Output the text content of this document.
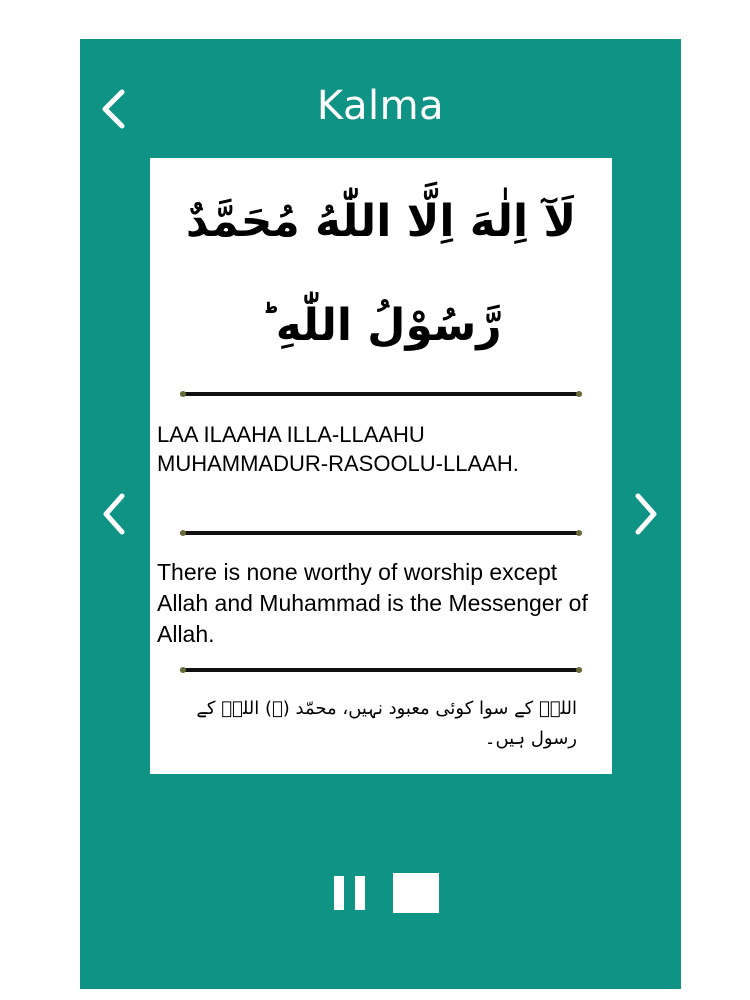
Kalma
لَآ اِلٰهَ اِلَّا اللّٰهُ مُحَمَّدٌ رَّسُوْلُ اللّٰهِ ؕ
LAA ILAAHA ILLA-LLAAHU MUHAMMADUR-RASOOLU-LLAAH.
There is none worthy of worship except Allah and Muhammad is the Messenger of Allah.
اللہؐ کے سوا کوئی معبود نہیں، محمّد (ﷺ) اللہؐ کے رسول ہیں۔
